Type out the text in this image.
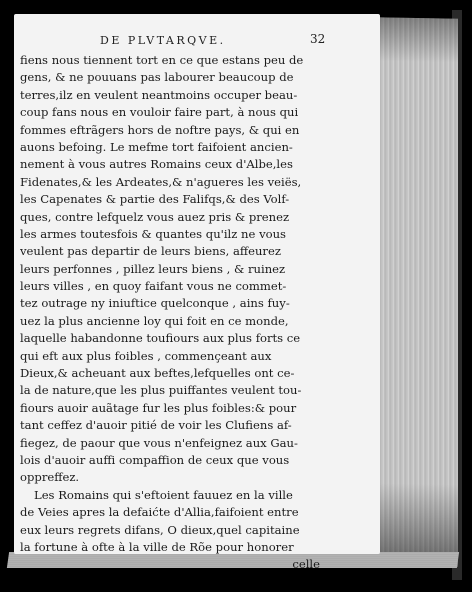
DE PLVTARQVE.	32
fiens nous tiennent tort en ce que estans peu de
gens, & ne pouuans pas labourer beaucoup de
terres,ilz en veulent neantmoins occuper beau-
coup fans nous en vouloir faire part, à nous qui
fommes eftrãgers hors de noftre pays, & qui en
auons befoing. Le mefme tort faifoient ancien-
nement à vous autres Romains ceux d'Albe,les
Fidenates,& les Ardeates,& n'agueres les veiës,
les Capenates & partie des Falifqs,& des Volf-
ques, contre lefquelz vous auez pris & prenez
les armes toutesfois & quantes qu'ilz ne vous
veulent pas departir de leurs biens, affeurez
leurs perfonnes , pillez leurs biens , & ruinez
leurs villes , en quoy faifant vous ne commet-
tez outrage ny iniuftice quelconque , ains fuy-
uez la plus ancienne loy qui foit en ce monde,
laquelle habandonne toufiours aux plus forts ce
qui eft aux plus foibles , commençeant aux
Dieux,& acheuant aux beftes,lefquelles ont ce-
la de nature,que les plus puiffantes veulent tou-
fiours auoir auãtage fur les plus foibles:& pour
tant ceffez d'auoir pitié de voir les Clufiens af-
fiegez, de paour que vous n'enfeignez aux Gau-
lois d'auoir auffi compaffion de ceux que vous
oppreffez.
Les Romains qui s'eftoient fauuez en la ville
de Veies apres la defaićte d'Allia,faifoient entre
eux leurs regrets difans, O dieux,quel capitaine
la fortune à ofte à la ville de Rõe pour honorer
celle
